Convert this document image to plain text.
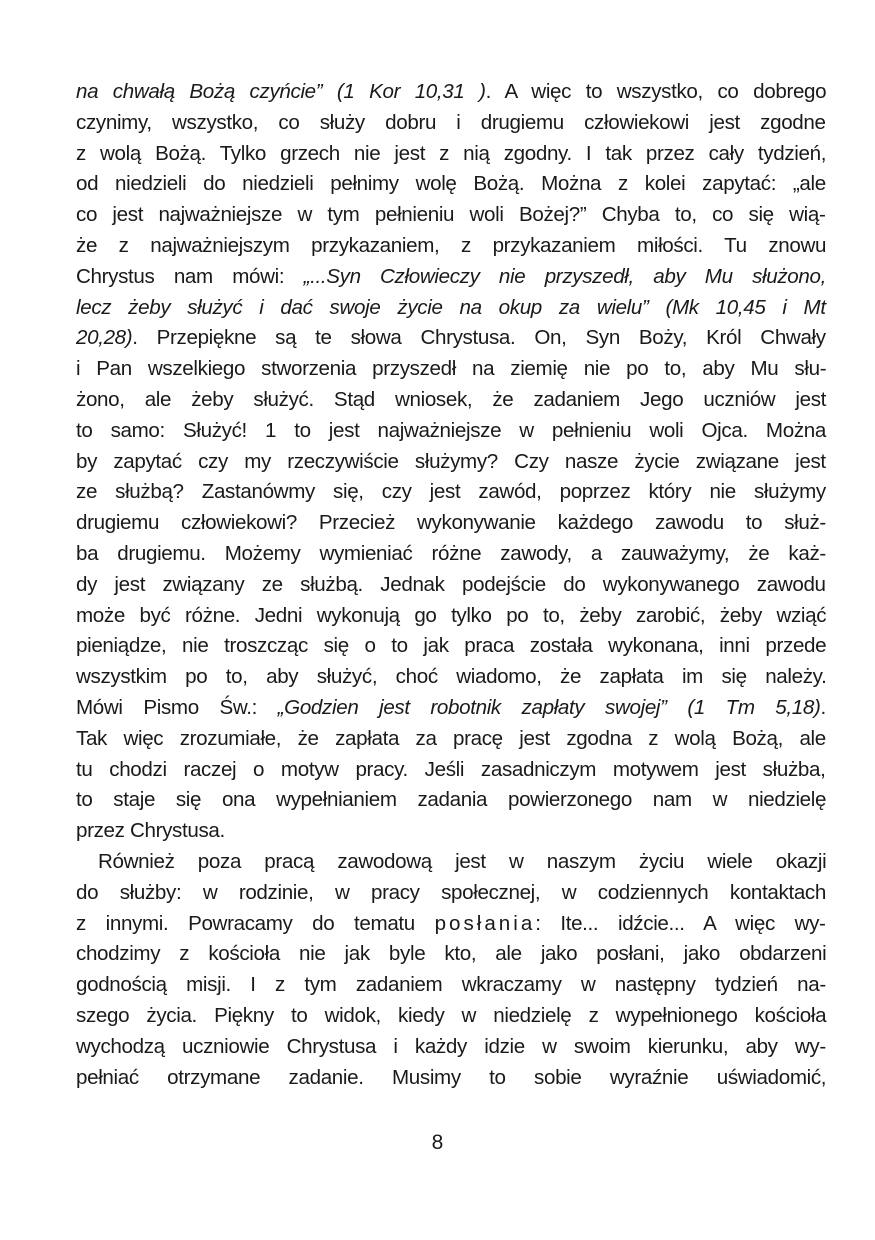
na chwałą Bożą czyńcie” (1 Kor 10,31 ). A więc to wszystko, co dobrego
czynimy, wszystko, co służy dobru i drugiemu człowiekowi jest zgodne
z wolą Bożą. Tylko grzech nie jest z nią zgodny. I tak przez cały tydzień,
od niedzieli do niedzieli pełnimy wolę Bożą. Można z kolei zapytać: „ale
co jest najważniejsze w tym pełnieniu woli Bożej?” Chyba to, co się wią-
że z najważniejszym przykazaniem, z przykazaniem miłości. Tu znowu
Chrystus nam mówi: „...Syn Człowieczy nie przyszedł, aby Mu służono,
lecz żeby służyć i dać swoje życie na okup za wielu” (Mk 10,45 i Mt
20,28). Przepiękne są te słowa Chrystusa. On, Syn Boży, Król Chwały
i Pan wszelkiego stworzenia przyszedł na ziemię nie po to, aby Mu słu-
żono, ale żeby służyć. Stąd wniosek, że zadaniem Jego uczniów jest
to samo: Służyć! 1 to jest najważniejsze w pełnieniu woli Ojca. Można
by zapytać czy my rzeczywiście służymy? Czy nasze życie związane jest
ze służbą? Zastanówmy się, czy jest zawód, poprzez który nie służymy
drugiemu człowiekowi? Przecież wykonywanie każdego zawodu to służ-
ba drugiemu. Możemy wymieniać różne zawody, a zauważymy, że każ-
dy jest związany ze służbą. Jednak podejście do wykonywanego zawodu
może być różne. Jedni wykonują go tylko po to, żeby zarobić, żeby wziąć
pieniądze, nie troszcząc się o to jak praca została wykonana, inni przede
wszystkim po to, aby służyć, choć wiadomo, że zapłata im się należy.
Mówi Pismo Św.: „Godzien jest robotnik zapłaty swojej” (1 Tm 5,18).
Tak więc zrozumiałe, że zapłata za pracę jest zgodna z wolą Bożą, ale
tu chodzi raczej o motyw pracy. Jeśli zasadniczym motywem jest służba,
to staje się ona wypełnianiem zadania powierzonego nam w niedzielę
przez Chrystusa.
Również poza pracą zawodową jest w naszym życiu wiele okazji
do służby: w rodzinie, w pracy społecznej, w codziennych kontaktach
z innymi. Powracamy do tematu posłania: Ite... idźcie... A więc wy-
chodzimy z kościoła nie jak byle kto, ale jako posłani, jako obdarzeni
godnością misji. I z tym zadaniem wkraczamy w następny tydzień na-
szego życia. Piękny to widok, kiedy w niedzielę z wypełnionego kościoła
wychodzą uczniowie Chrystusa i każdy idzie w swoim kierunku, aby wy-
pełniać otrzymane zadanie. Musimy to sobie wyraźnie uświadomić,
8
